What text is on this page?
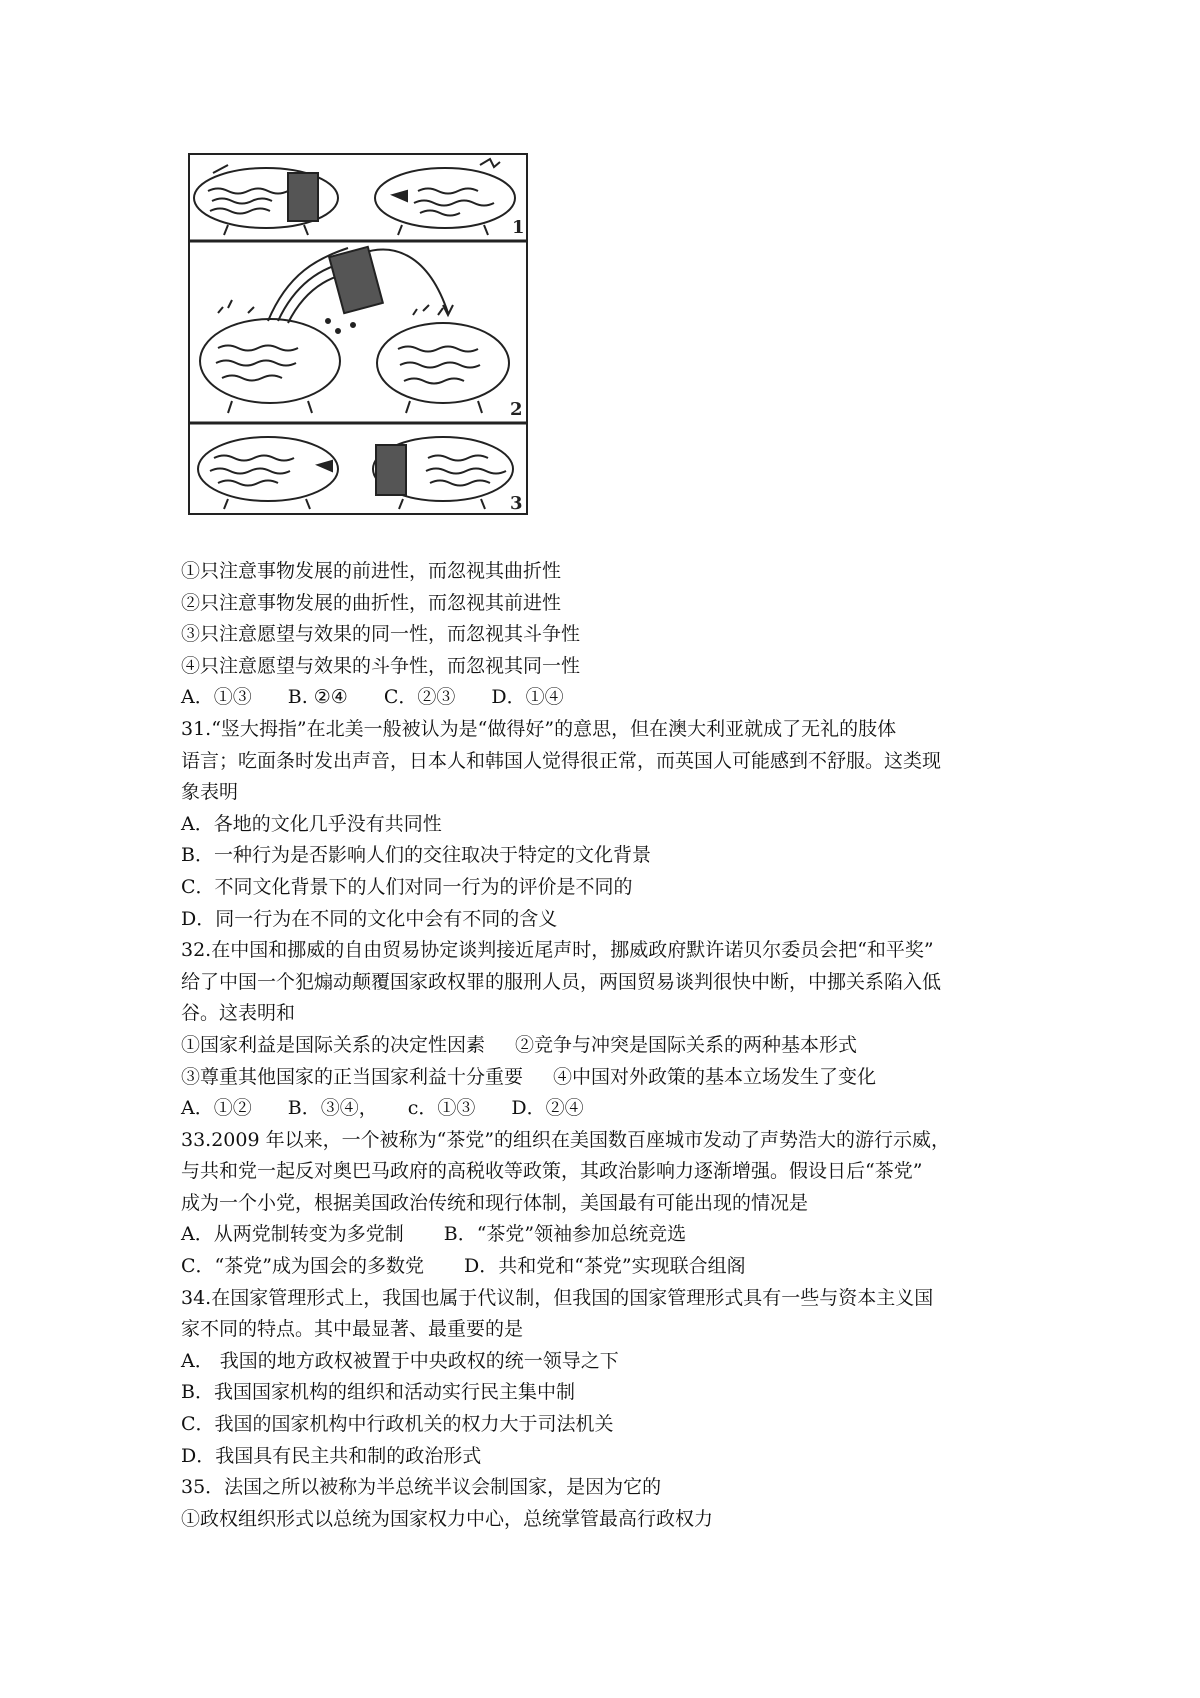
1
2
3
①只注意事物发展的前进性，而忽视其曲折性
②只注意事物发展的曲折性，而忽视其前进性
③只注意愿望与效果的同一性，而忽视其斗争性
④只注意愿望与效果的斗争性，而忽视其同一性
A．①③ B. ②④ C．②③ D．①④
31.“竖大拇指”在北美一般被认为是“做得好”的意思，但在澳大利亚就成了无礼的肢体
语言；吃面条时发出声音，日本人和韩国人觉得很正常，而英国人可能感到不舒服。这类现
象表明
A．各地的文化几乎没有共同性
B．一种行为是否影响人们的交往取决于特定的文化背景
C．不同文化背景下的人们对同一行为的评价是不同的
D．同一行为在不同的文化中会有不同的含义
32.在中国和挪威的自由贸易协定谈判接近尾声时，挪威政府默许诺贝尔委员会把“和平奖”
给了中国一个犯煽动颠覆国家政权罪的服刑人员，两国贸易谈判很快中断，中挪关系陷入低
谷。这表明和
①国家利益是国际关系的决定性因素 ②竞争与冲突是国际关系的两种基本形式
③尊重其他国家的正当国家利益十分重要 ④中国对外政策的基本立场发生了变化
A．①② B．③④， c．①③ D．②④
33.2009 年以来，一个被称为“茶党”的组织在美国数百座城市发动了声势浩大的游行示威，
与共和党一起反对奥巴马政府的高税收等政策，其政治影响力逐渐增强。假设日后“茶党”
成为一个小党，根据美国政治传统和现行体制，美国最有可能出现的情况是
A．从两党制转变为多党制 B．“茶党”领袖参加总统竞选
C．“茶党”成为国会的多数党 D．共和党和“茶党”实现联合组阁
34.在国家管理形式上，我国也属于代议制，但我国的国家管理形式具有一些与资本主义国
家不同的特点。其中最显著、最重要的是
A． 我国的地方政权被置于中央政权的统一领导之下
B．我国国家机构的组织和活动实行民主集中制
C．我国的国家机构中行政机关的权力大于司法机关
D．我国具有民主共和制的政治形式
35．法国之所以被称为半总统半议会制国家，是因为它的
①政权组织形式以总统为国家权力中心，总统掌管最高行政权力
